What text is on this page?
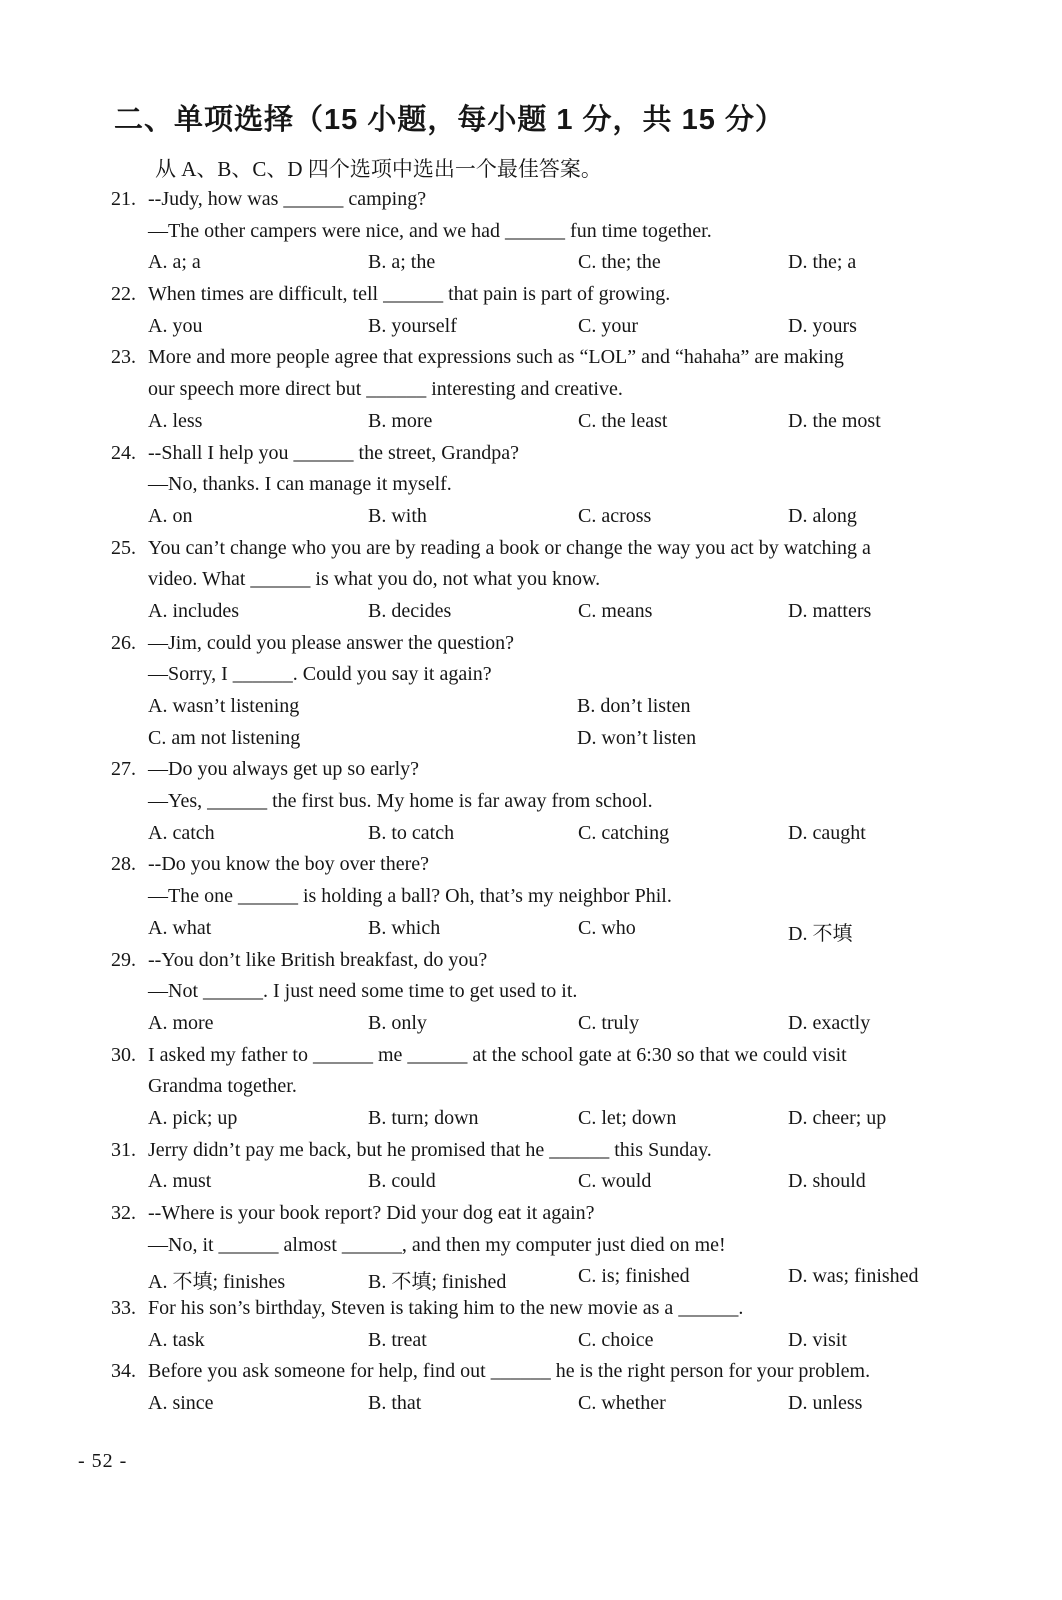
二、单项选择（15 小题，每小题 1 分，共 15 分）
从 A、B、C、D 四个选项中选出一个最佳答案。
21. --Judy, how was ______ camping?
—The other campers were nice, and we had ______ fun time together.
A. a; a	B. a; the	C. the; the	D. the; a
22. When times are difficult, tell ______ that pain is part of growing.
A. you	B. yourself	C. your	D. yours
23. More and more people agree that expressions such as “LOL” and “hahaha” are making
our speech more direct but ______ interesting and creative.
A. less	B. more	C. the least	D. the most
24. --Shall I help you ______ the street, Grandpa?
—No, thanks. I can manage it myself.
A. on	B. with	C. across	D. along
25. You can’t change who you are by reading a book or change the way you act by watching a
video. What ______ is what you do, not what you know.
A. includes	B. decides	C. means	D. matters
26. —Jim, could you please answer the question?
—Sorry, I ______. Could you say it again?
A. wasn’t listening	B. don’t listen
C. am not listening	D. won’t listen
27. —Do you always get up so early?
—Yes, ______ the first bus. My home is far away from school.
A. catch	B. to catch	C. catching	D. caught
28. --Do you know the boy over there?
—The one ______ is holding a ball? Oh, that’s my neighbor Phil.
A. what	B. which	C. who	D. 不填
29. --You don’t like British breakfast, do you?
—Not ______. I just need some time to get used to it.
A. more	B. only	C. truly	D. exactly
30. I asked my father to ______ me ______ at the school gate at 6:30 so that we could visit
Grandma together.
A. pick; up	B. turn; down	C. let; down	D. cheer; up
31. Jerry didn’t pay me back, but he promised that he ______ this Sunday.
A. must	B. could	C. would	D. should
32. --Where is your book report? Did your dog eat it again?
—No, it ______ almost ______, and then my computer just died on me!
A. 不填; finishes	B. 不填; finished	C. is; finished	D. was; finished
33. For his son’s birthday, Steven is taking him to the new movie as a ______.
A. task	B. treat	C. choice	D. visit
34. Before you ask someone for help, find out ______ he is the right person for your problem.
A. since	B. that	C. whether	D. unless
- 52 -
